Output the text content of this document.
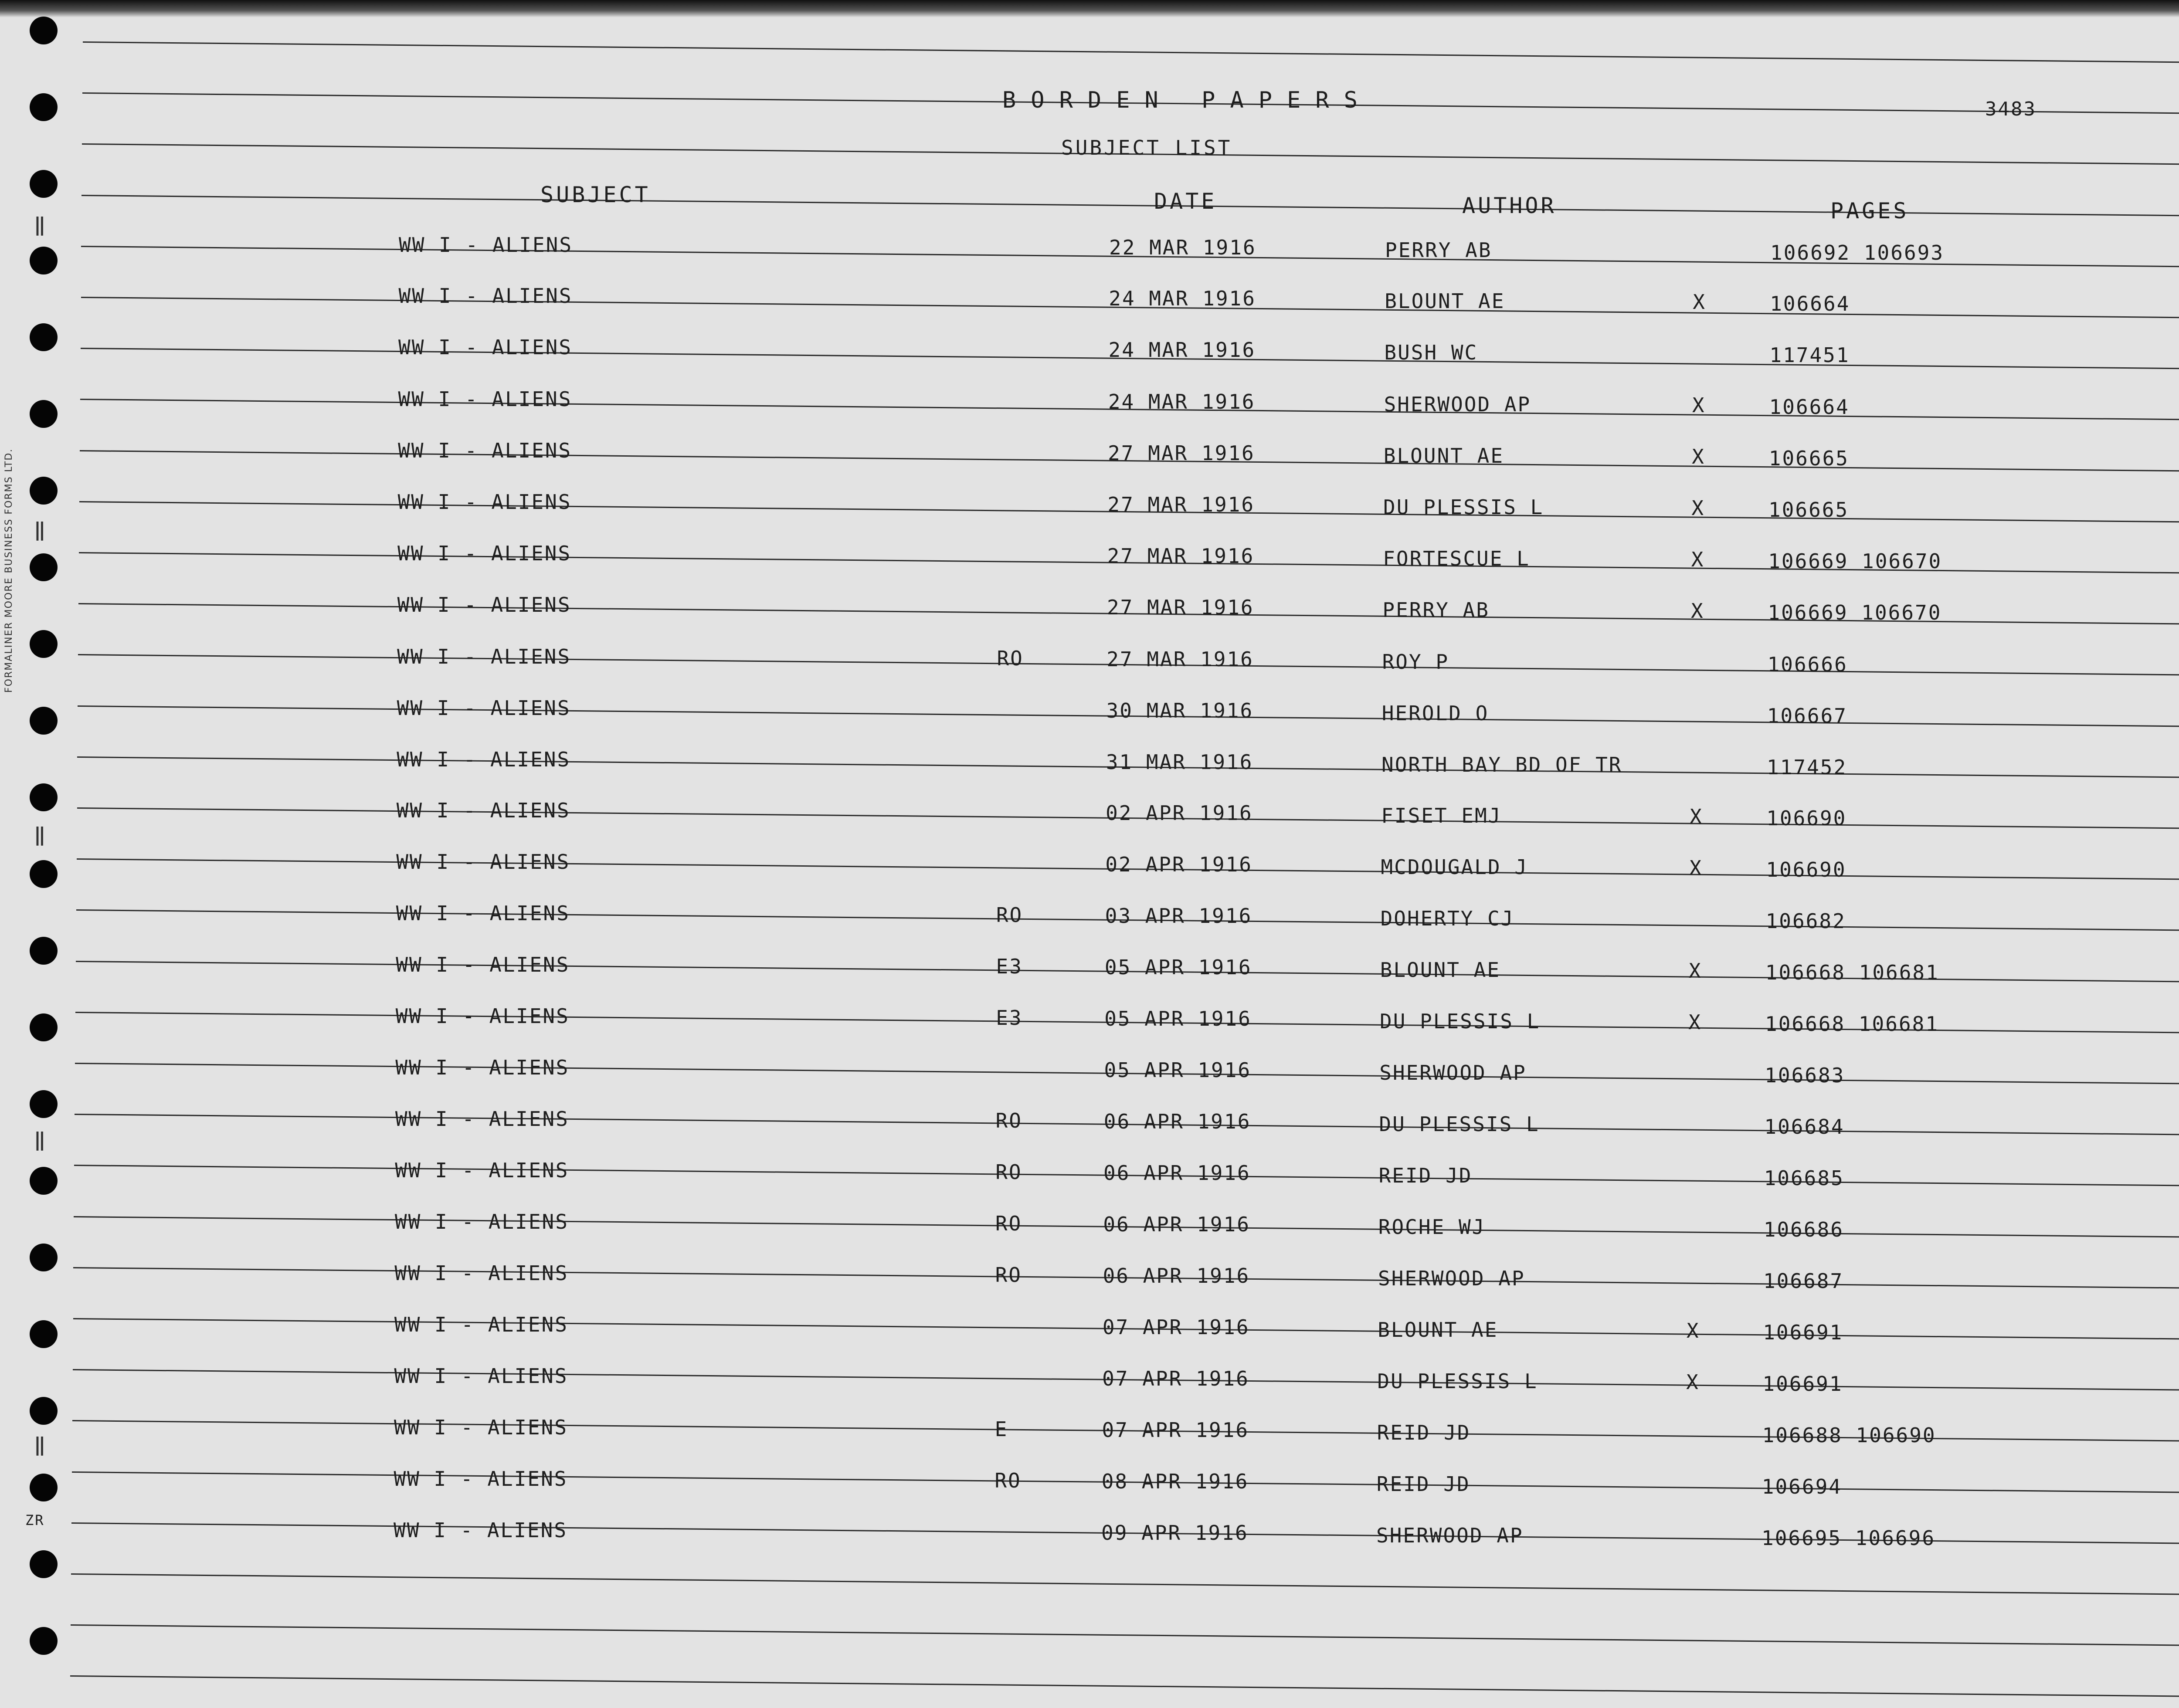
FORMALINER MOORE BUSINESS FORMS LTD.
ZR
BORDEN PAPERS	3483
SUBJECT LIST
SUBJECT	DATE	AUTHOR	PAGES
WW I - ALIENS	22 MAR 1916	PERRY AB	106692 106693
WW I - ALIENS	24 MAR 1916	BLOUNT AE	X	106664
WW I - ALIENS	24 MAR 1916	BUSH WC	117451
WW I - ALIENS	24 MAR 1916	SHERWOOD AP	X	106664
WW I - ALIENS	27 MAR 1916	BLOUNT AE	X	106665
WW I - ALIENS	27 MAR 1916	DU PLESSIS L	X	106665
WW I - ALIENS	27 MAR 1916	FORTESCUE L	X	106669 106670
WW I - ALIENS	27 MAR 1916	PERRY AB	X	106669 106670
WW I - ALIENS	RO	27 MAR 1916	ROY P	106666
WW I - ALIENS	30 MAR 1916	HEROLD O	106667
WW I - ALIENS	31 MAR 1916	NORTH BAY BD OF TR	117452
WW I - ALIENS	02 APR 1916	FISET EMJ	X	106690
WW I - ALIENS	02 APR 1916	MCDOUGALD J	X	106690
WW I - ALIENS	RO	03 APR 1916	DOHERTY CJ	106682
WW I - ALIENS	E3	05 APR 1916	BLOUNT AE	X	106668 106681
WW I - ALIENS	E3	05 APR 1916	DU PLESSIS L	X	106668 106681
WW I - ALIENS	05 APR 1916	SHERWOOD AP	106683
WW I - ALIENS	RO	06 APR 1916	DU PLESSIS L	106684
WW I - ALIENS	RO	06 APR 1916	REID JD	106685
WW I - ALIENS	RO	06 APR 1916	ROCHE WJ	106686
WW I - ALIENS	RO	06 APR 1916	SHERWOOD AP	106687
WW I - ALIENS	07 APR 1916	BLOUNT AE	X	106691
WW I - ALIENS	07 APR 1916	DU PLESSIS L	X	106691
WW I - ALIENS	E	07 APR 1916	REID JD	106688 106690
WW I - ALIENS	RO	08 APR 1916	REID JD	106694
WW I - ALIENS	09 APR 1916	SHERWOOD AP	106695 106696
‖
‖
‖
‖
‖
